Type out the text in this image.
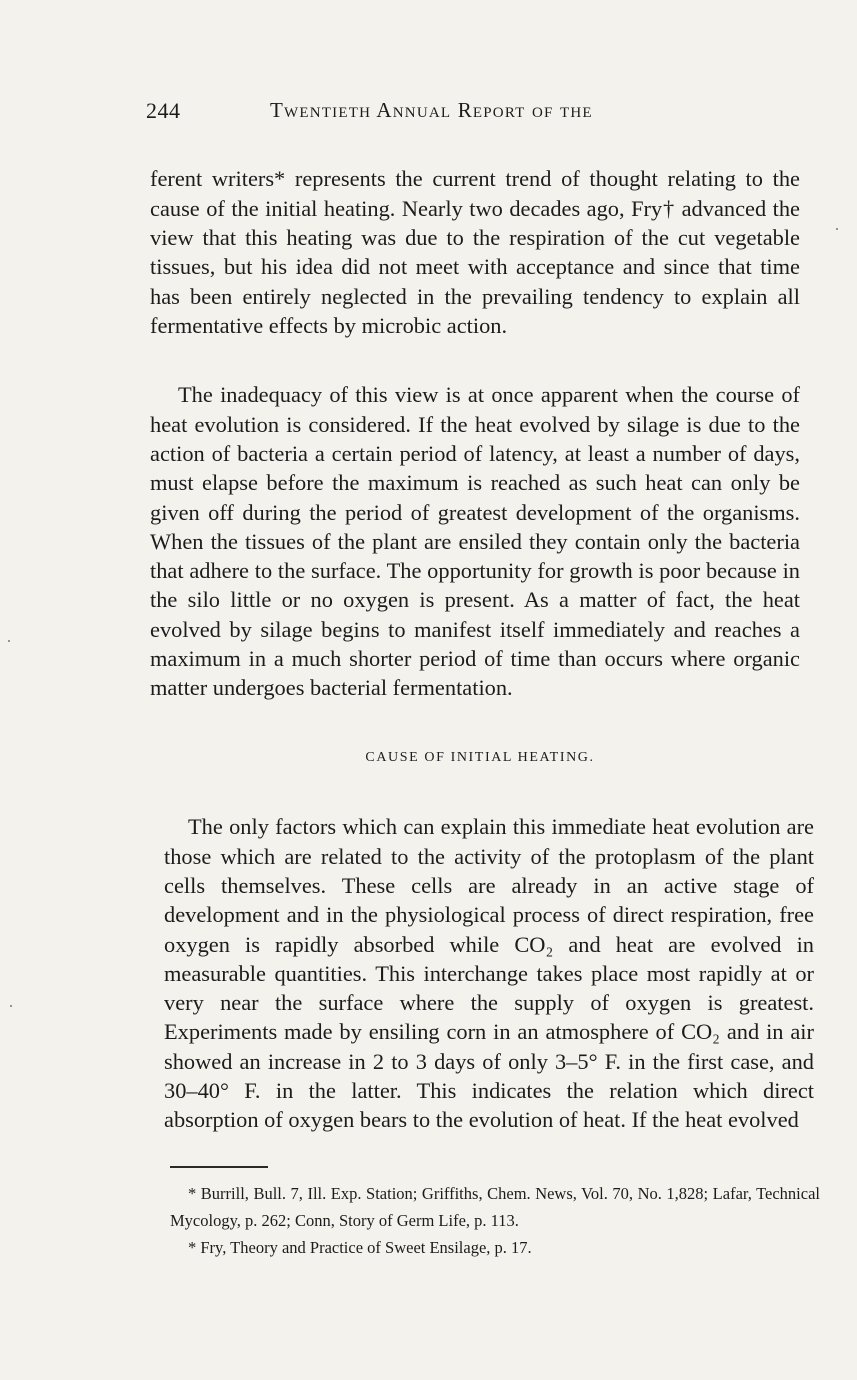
244	Twentieth Annual Report of the

ferent writers* represents the current trend of thought relating to the cause of the initial heating. Nearly two decades ago, Fry† advanced the view that this heating was due to the respiration of the cut vegetable tissues, but his idea did not meet with acceptance and since that time has been entirely neglected in the prevailing tendency to explain all fermentative effects by microbic action.

The inadequacy of this view is at once apparent when the course of heat evolution is considered. If the heat evolved by silage is due to the action of bacteria a certain period of latency, at least a number of days, must elapse before the maximum is reached as such heat can only be given off during the period of greatest development of the organisms. When the tissues of the plant are ensiled they contain only the bacteria that adhere to the surface. The opportunity for growth is poor because in the silo little or no oxygen is present. As a matter of fact, the heat evolved by silage begins to manifest itself immediately and reaches a maximum in a much shorter period of time than occurs where organic matter undergoes bacterial fermentation.

CAUSE OF INITIAL HEATING.

The only factors which can explain this immediate heat evolution are those which are related to the activity of the protoplasm of the plant cells themselves. These cells are already in an active stage of development and in the physiological process of direct respiration, free oxygen is rapidly absorbed while CO₂ and heat are evolved in measurable quantities. This interchange takes place most rapidly at or very near the surface where the supply of oxygen is greatest. Experiments made by ensiling corn in an atmosphere of CO₂ and in air showed an increase in 2 to 3 days of only 3–5° F. in the first case, and 30–40° F. in the latter. This indicates the relation which direct absorption of oxygen bears to the evolution of heat. If the heat evolved

* Burrill, Bull. 7, Ill. Exp. Station; Griffiths, Chem. News, Vol. 70, No. 1,828; Lafar, Technical Mycology, p. 262; Conn, Story of Germ Life, p. 113.

* Fry, Theory and Practice of Sweet Ensilage, p. 17.
